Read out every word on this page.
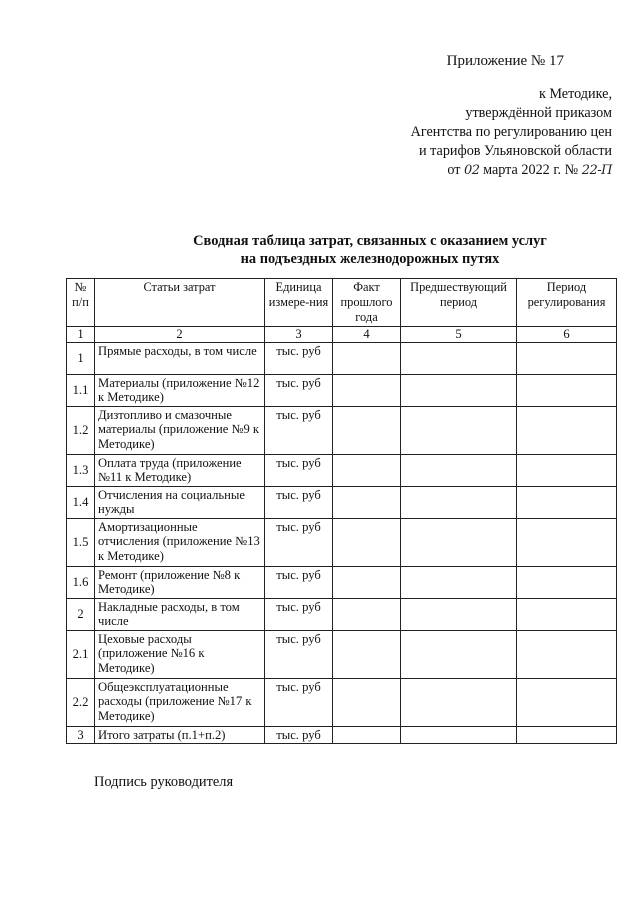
Приложение № 17
к Методике,
утверждённой приказом
Агентства по регулированию цен
и тарифов Ульяновской области
от 02 марта 2022 г. № 22-П
Сводная таблица затрат, связанных с оказанием услуг
на подъездных железнодорожных путях
№ п/п	Статьи затрат	Единица измере-ния	Факт прошлого года	Предшествующий период	Период регулирования
1	2	3	4	5	6
1	Прямые расходы, в том числе	тыс. руб			
1.1	Материалы (приложение №12 к Методике)	тыс. руб			
1.2	Дизтопливо и смазочные материалы (приложение №9 к Методике)	тыс. руб			
1.3	Оплата труда (приложение №11 к Методике)	тыс. руб			
1.4	Отчисления на социальные нужды	тыс. руб			
1.5	Амортизационные отчисления (приложение №13 к Методике)	тыс. руб			
1.6	Ремонт (приложение №8 к Методике)	тыс. руб			
2	Накладные расходы, в том числе	тыс. руб			
2.1	Цеховые расходы (приложение №16 к Методике)	тыс. руб			
2.2	Общеэксплуатационные расходы (приложение №17 к Методике)	тыс. руб			
3	Итого затраты (п.1+п.2)	тыс. руб			
Подпись руководителя
